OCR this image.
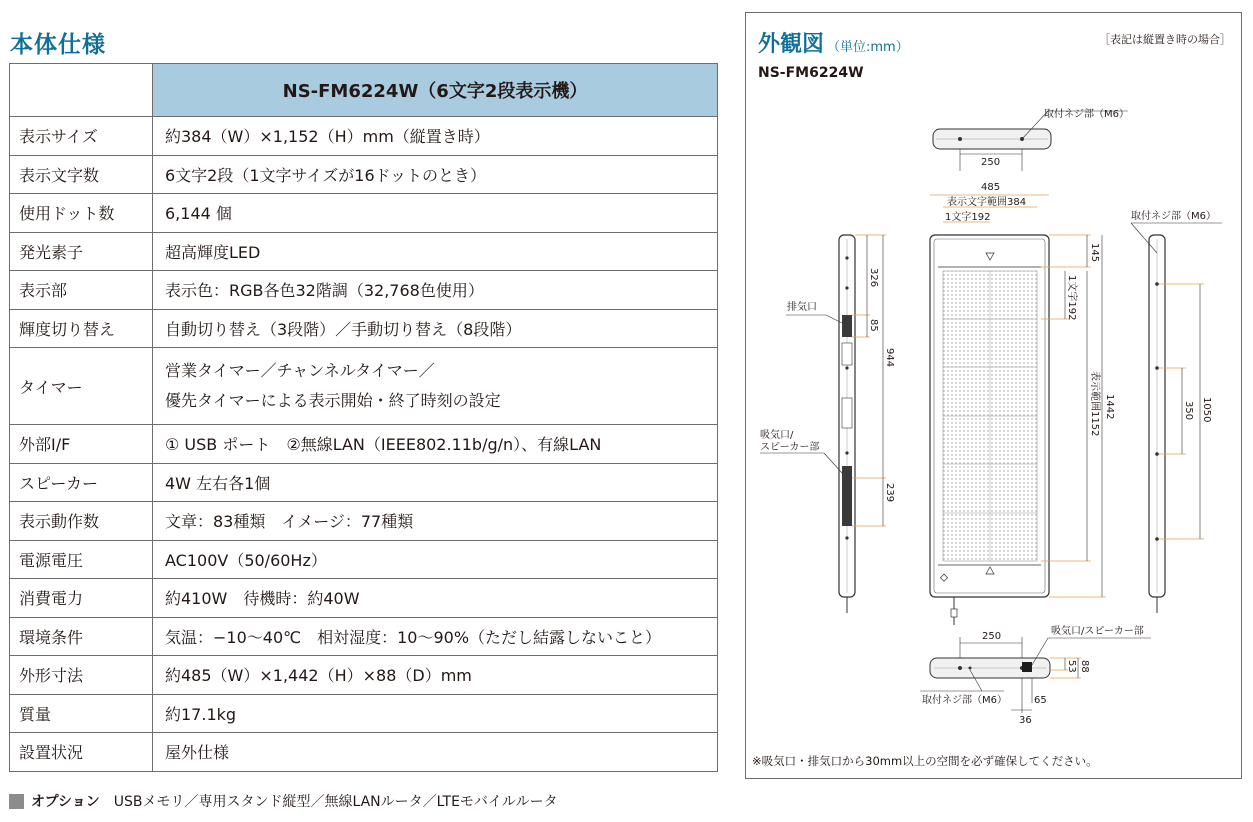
本体仕様
	NS-FM6224W（6文字2段表示機）
表示サイズ	約384（W）×1,152（H）mm（縦置き時）
表示文字数	6文字2段（1文字サイズが16ドットのとき）
使用ドット数	6,144 個
発光素子	超高輝度LED
表示部	表示色：RGB各色32階調（32,768色使用）
輝度切り替え	自動切り替え（3段階）／手動切り替え（8段階）
タイマー	営業タイマー／チャンネルタイマー／
優先タイマーによる表示開始・終了時刻の設定

外部I/F	① USB ポート　②無線LAN（IEEE802.11b/g/n）、有線LAN
スピーカー	4W 左右各1個
表示動作数	文章：83種類　イメージ：77種類
電源電圧	AC100V（50/60Hz）
消費電力	約410W　待機時：約40W
環境条件	気温：−10〜40℃　相対湿度：10〜90%（ただし結露しないこと）
外形寸法	約485（W）×1,442（H）×88（D）mm
質量	約17.1kg
設置状況	屋外仕様
オプション USBメモリ／専用スタンド縦型／無線LANルータ／LTEモバイルルータ
外観図 （単位:mm）
［表記は縦置き時の場合］
NS-FM6224W
取付ネジ部（M6）
250
485
表示文字範囲384
1文字192
145
1文字192
表示範囲1152 1442
326
85
944
239
排気口
吸気口/
スピーカー部
取付ネジ部（M6）
350 1050
250	吸気口/スピーカー部
53 88
取付ネジ部（M6）	65
36
※吸気口・排気口から30mm以上の空間を必ず確保してください。
